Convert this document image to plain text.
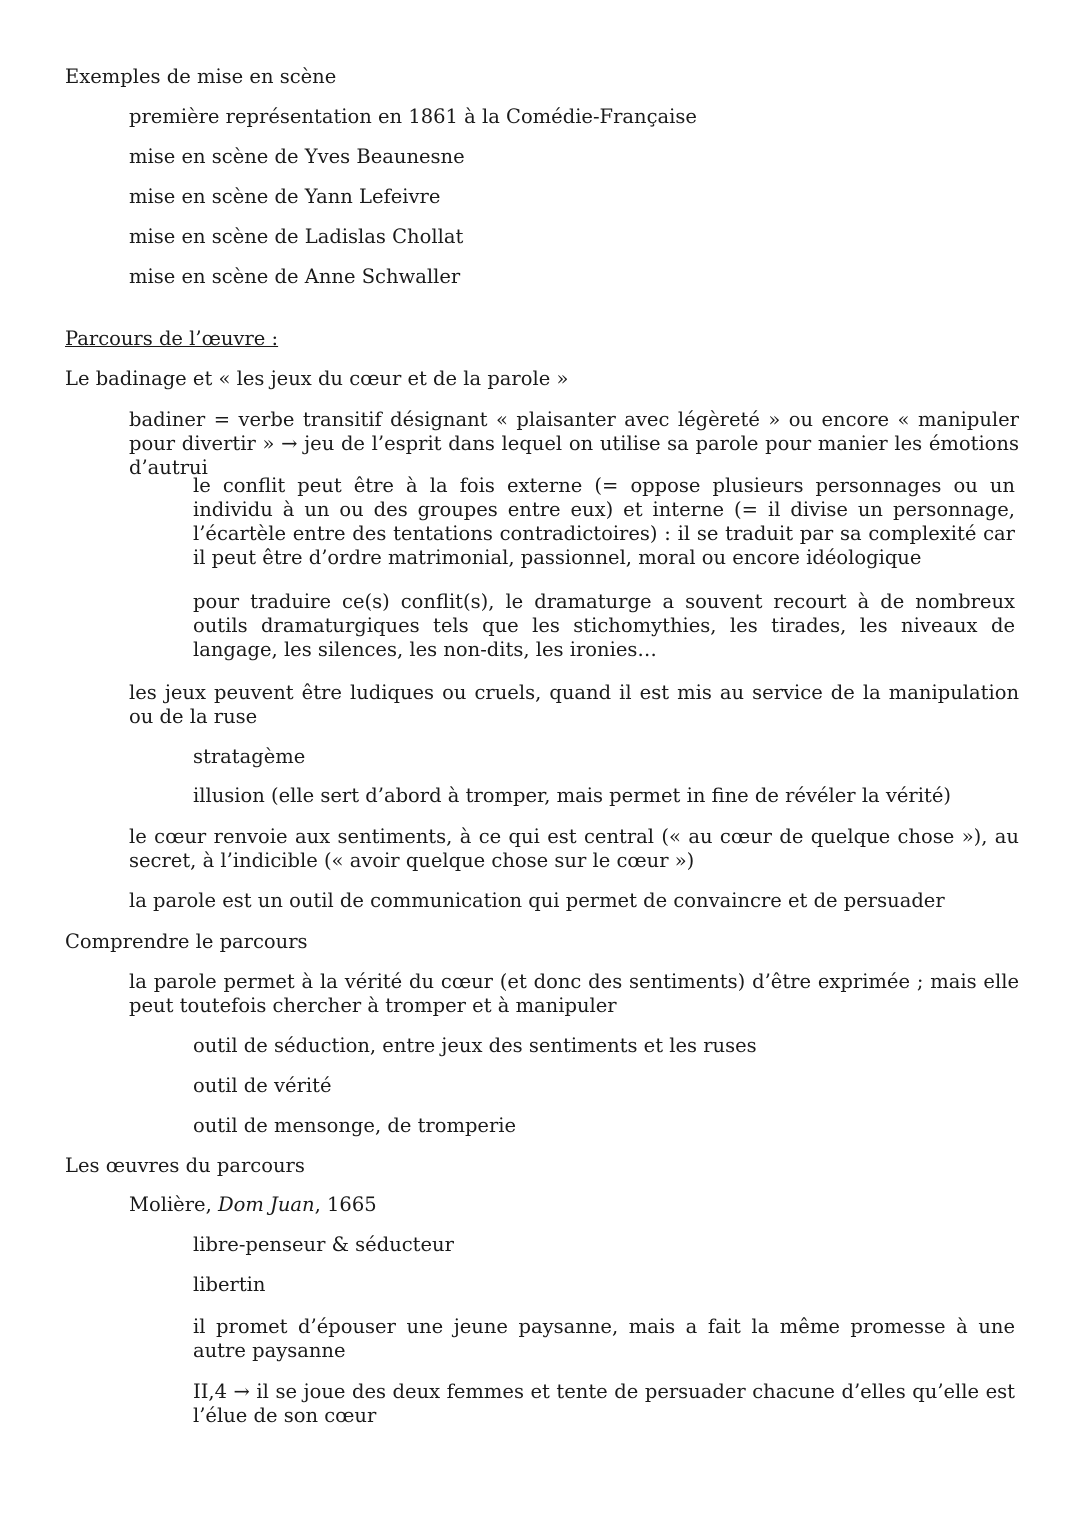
Exemples de mise en scène

première représentation en 1861 à la Comédie-Française

mise en scène de Yves Beaunesne

mise en scène de Yann Lefeivre

mise en scène de Ladislas Chollat

mise en scène de Anne Schwaller

Parcours de l’œuvre :

Le badinage et « les jeux du cœur et de la parole »

badiner = verbe transitif désignant « plaisanter avec légèreté » ou encore « manipuler pour divertir » → jeu de l’esprit dans lequel on utilise sa parole pour manier les émotions d’autrui

le conflit peut être à la fois externe (= oppose plusieurs personnages ou un individu à un ou des groupes entre eux) et interne (= il divise un personnage, l’écartèle entre des tentations contradictoires) : il se traduit par sa complexité car il peut être d’ordre matrimonial, passionnel, moral ou encore idéologique

pour traduire ce(s) conflit(s), le dramaturge a souvent recourt à de nombreux outils dramaturgiques tels que les stichomythies, les tirades, les niveaux de langage, les silences, les non-dits, les ironies…

les jeux peuvent être ludiques ou cruels, quand il est mis au service de la manipulation ou de la ruse

stratagème

illusion (elle sert d’abord à tromper, mais permet in fine de révéler la vérité)

le cœur renvoie aux sentiments, à ce qui est central (« au cœur de quelque chose »), au secret, à l’indicible (« avoir quelque chose sur le cœur »)

la parole est un outil de communication qui permet de convaincre et de persuader

Comprendre le parcours

la parole permet à la vérité du cœur (et donc des sentiments) d’être exprimée ; mais elle peut toutefois chercher à tromper et à manipuler

outil de séduction, entre jeux des sentiments et les ruses

outil de vérité

outil de mensonge, de tromperie

Les œuvres du parcours

Molière, Dom Juan, 1665

libre-penseur & séducteur

libertin

il promet d’épouser une jeune paysanne, mais a fait la même promesse à une autre paysanne

II,4 → il se joue des deux femmes et tente de persuader chacune d’elles qu’elle est l’élue de son cœur
